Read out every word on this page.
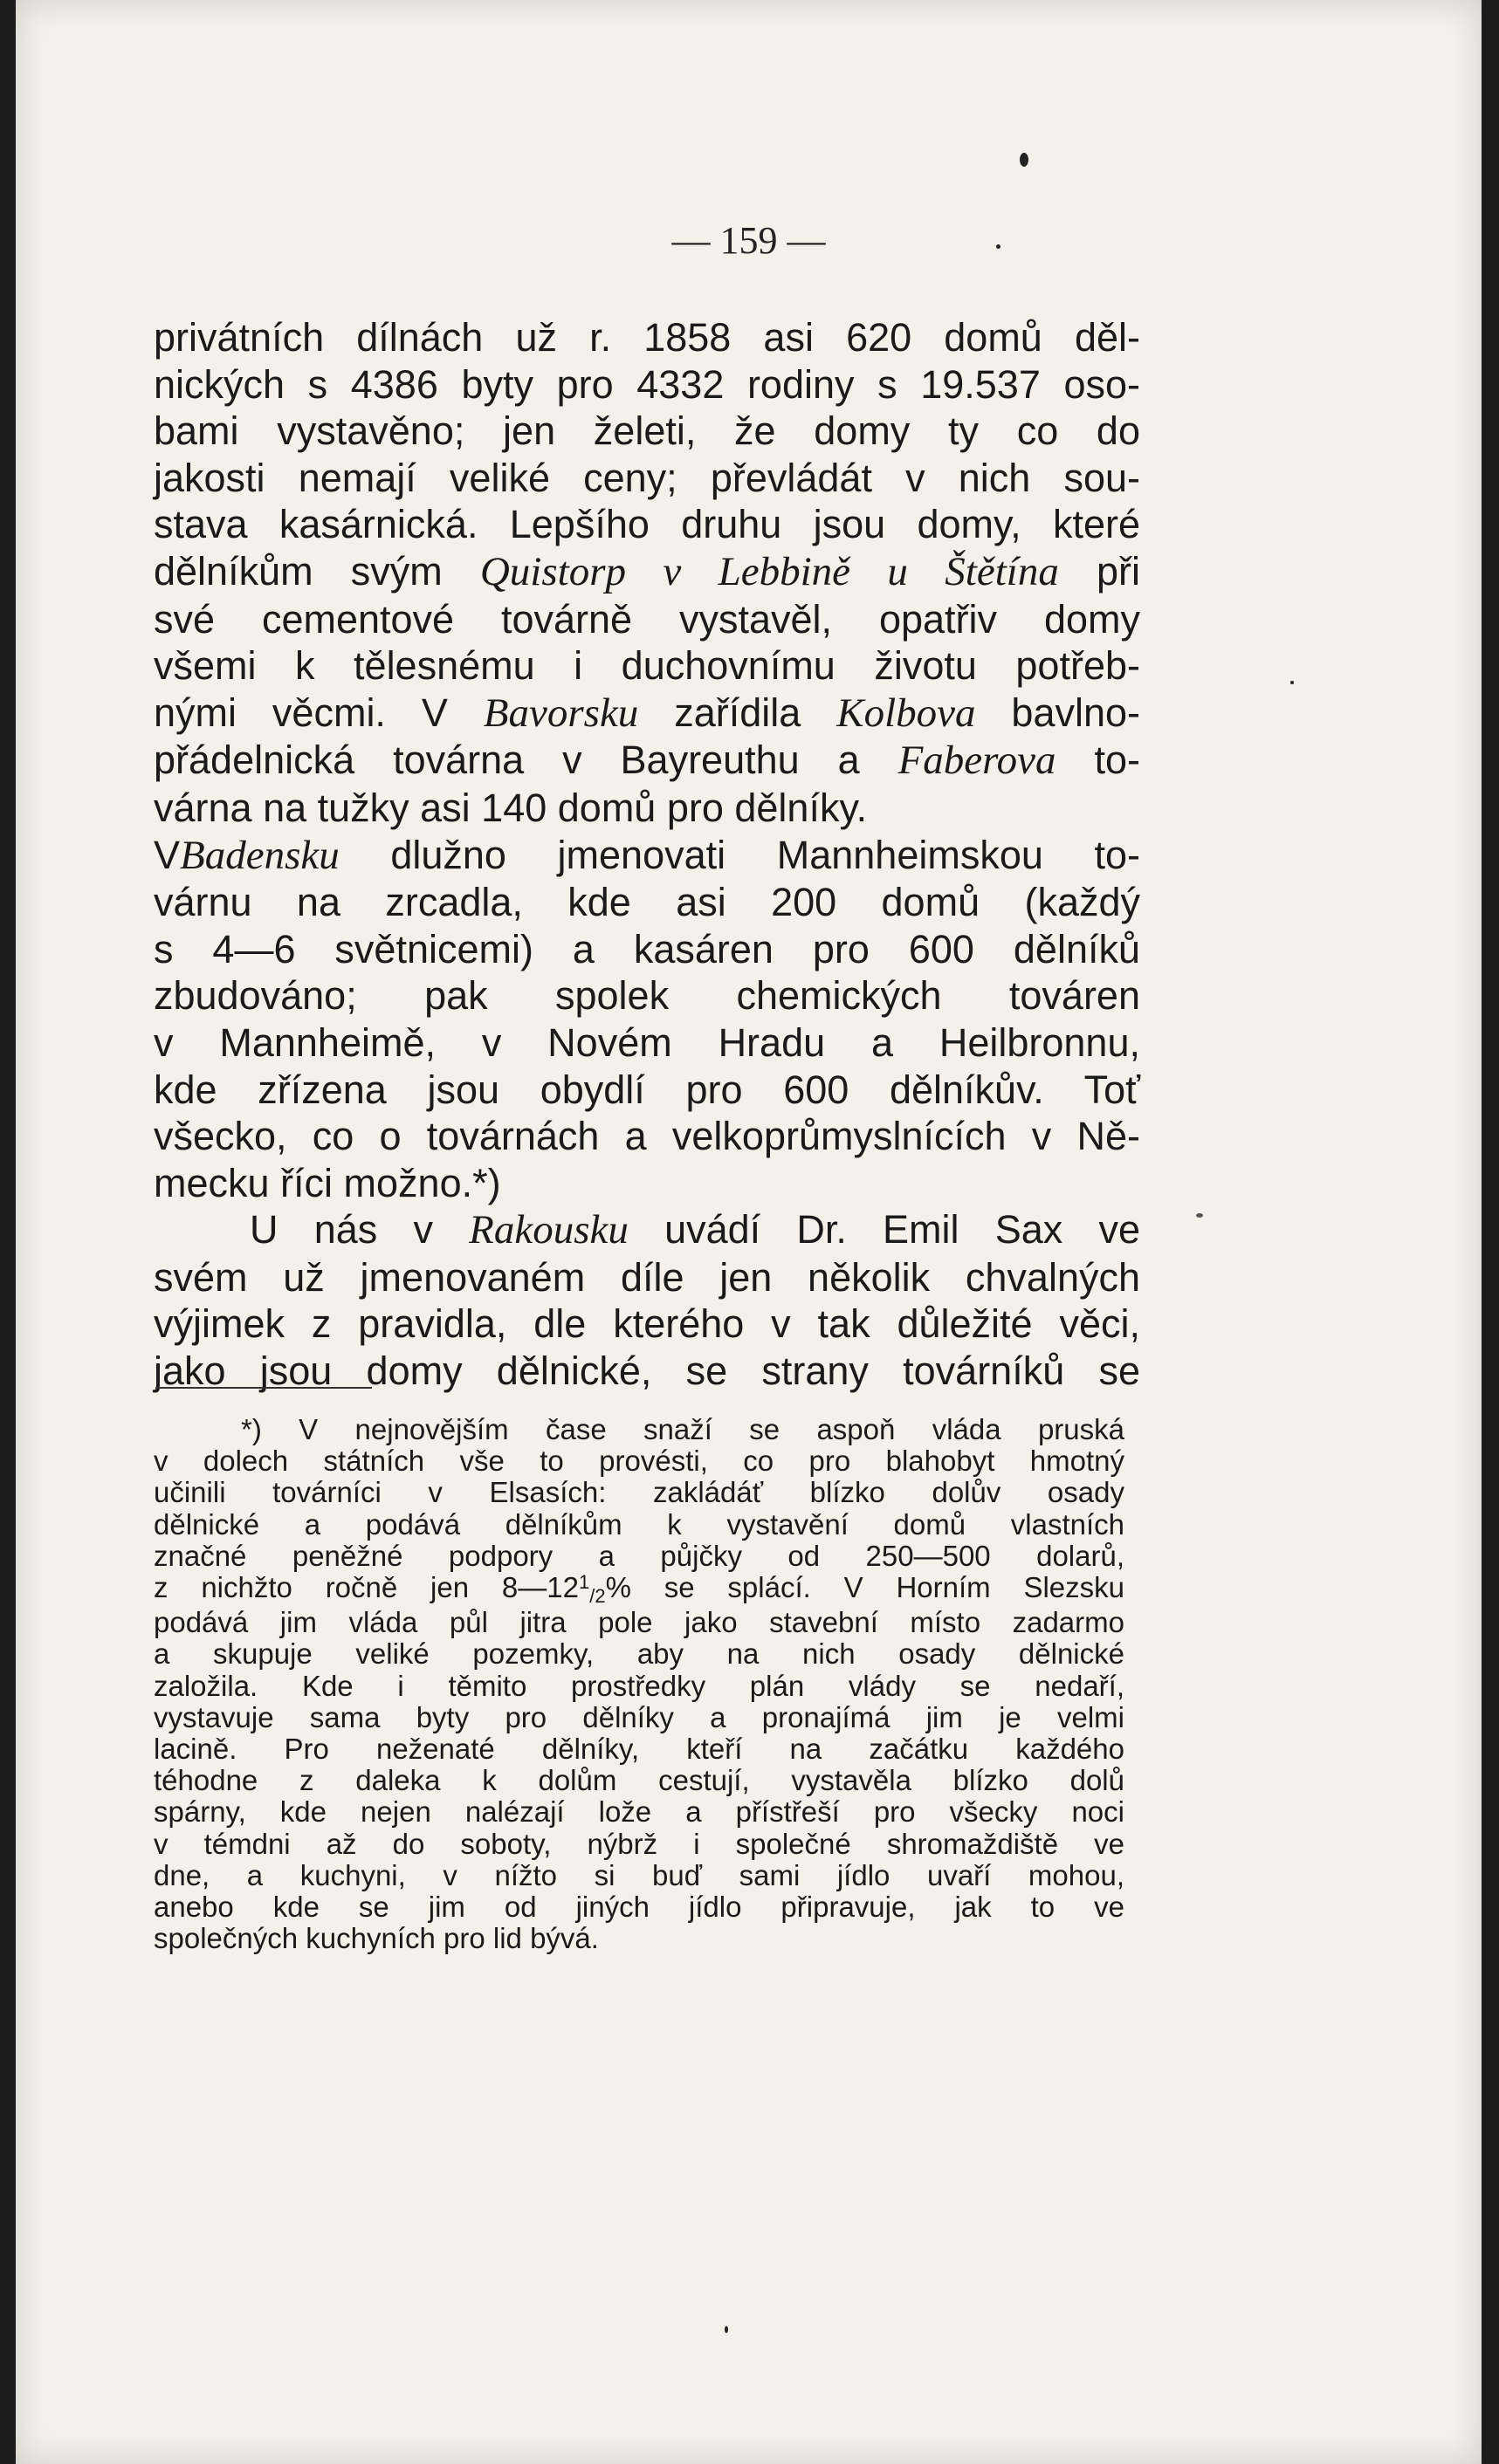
— 159 —
privátních dílnách už r. 1858 asi 620 domů děl-
nických s 4386 byty pro 4332 rodiny s 19.537 oso-
bami vystavěno; jen želeti, že domy ty co do
jakosti nemají veliké ceny; převládát v nich sou-
stava kasárnická. Lepšího druhu jsou domy, které
dělníkům svým Quistorp v Lebbině u Štětína při
své cementové továrně vystavěl, opatřiv domy
všemi k tělesnému i duchovnímu životu potřeb-
nými věcmi. V Bavorsku zařídila Kolbova bavlno-
přádelnická továrna v Bayreuthu a Faberova to-
várna na tužky asi 140 domů pro dělníky.
VBadensku dlužno jmenovati Mannheimskou to-
várnu na zrcadla, kde asi 200 domů (každý
s 4—6 světnicemi) a kasáren pro 600 dělníků
zbudováno; pak spolek chemických továren
v Mannheimě, v Novém Hradu a Heilbronnu,
kde zřízena jsou obydlí pro 600 dělníkův. Toť
všecko, co o továrnách a velkoprůmyslnících v Ně-
mecku říci možno.*)
U nás v Rakousku uvádí Dr. Emil Sax ve
svém už jmenovaném díle jen několik chvalných
výjimek z pravidla, dle kterého v tak důležité věci,
jako jsou domy dělnické, se strany továrníků se
*) V nejnovějším čase snaží se aspoň vláda pruská
v dolech státních vše to provésti, co pro blahobyt hmotný
učinili továrníci v Elsasích: zakládáť blízko dolův osady
dělnické a podává dělníkům k vystavění domů vlastních
značné peněžné podpory a půjčky od 250—500 dolarů,
z nichžto ročně jen $8—12^1_{/2}\%$ se splácí. V Horním Slezsku
podává jim vláda půl jitra pole jako stavební místo zadarmo
a skupuje veliké pozemky, aby na nich osady dělnické
založila. Kde i těmito prostředky plán vlády se nedaří,
vystavuje sama byty pro dělníky a pronajímá jim je velmi
lacině. Pro neženaté dělníky, kteří na začátku každého
téhodne z daleka k dolům cestují, vystavěla blízko dolů
spárny, kde nejen nalézají lože a přístřeší pro všecky noci
v témdni až do soboty, nýbrž i společné shromaždiště ve
dne, a kuchyni, v nížto si buď sami jídlo uvaří mohou,
anebo kde se jim od jiných jídlo připravuje, jak to ve
společných kuchyních pro lid bývá.
